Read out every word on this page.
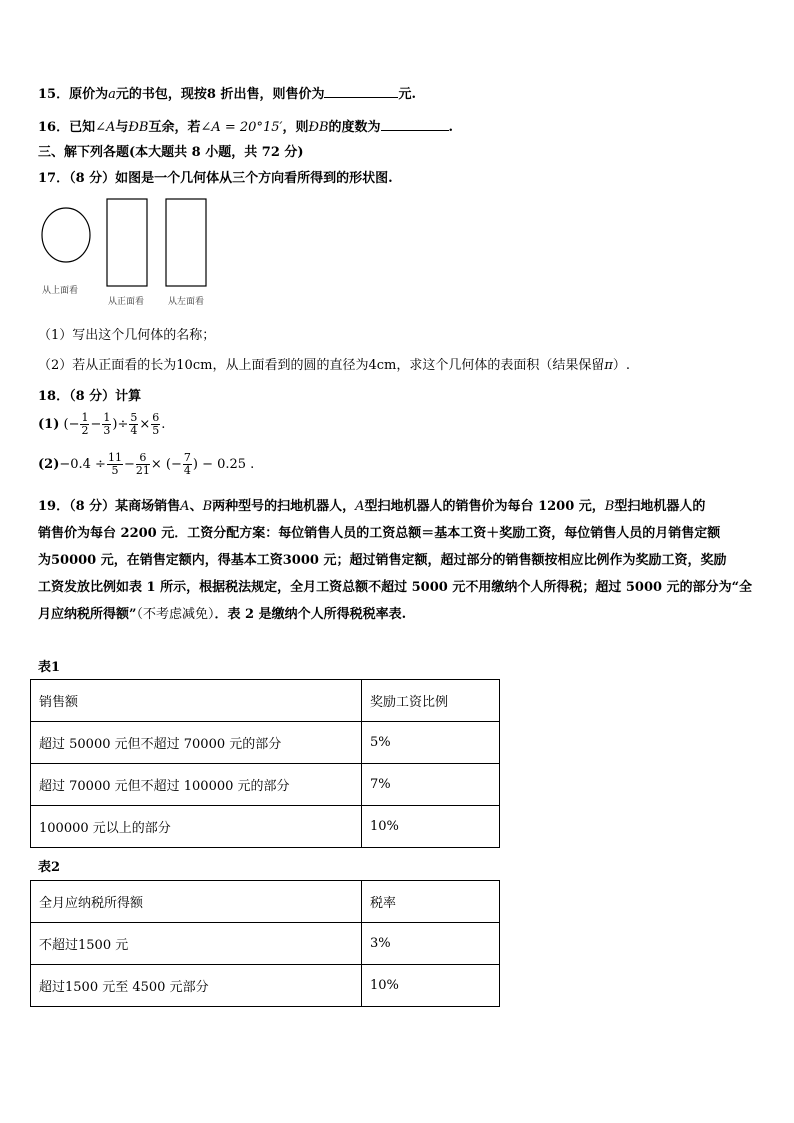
15．原价为a元的书包，现按8 折出售，则售价为	元.
16．已知∠A与ÐB互余，若∠A = 20°15′，则ÐB的度数为	.
三、解下列各题(本大题共 8 小题，共 72 分)
17．（8 分）如图是一个几何体从三个方向看所得到的形状图.
从上面看
从正面看	从左面看
（1）写出这个几何体的名称；
（2）若从正面看的长为10cm，从上面看到的圆的直径为4cm，求这个几何体的表面积（结果保留π）.
18．（8 分）计算
(1) (− $\frac{1}{2} - \frac{1}{3}$ )÷ $\frac{5}{4} \times \frac{6}{5}$ .
$(2)-0.4 \div \frac{11}{5} - \frac{6}{21}$ × (− $\frac{7}{4}$ ) − 0.25 .
19．（8 分）某商场销售A、B两种型号的扫地机器人，A型扫地机器人的销售价为每台 1200 元，B型扫地机器人的
销售价为每台 2200 元．工资分配方案：每位销售人员的工资总额＝基本工资＋奖励工资，每位销售人员的月销售定额
为50000 元，在销售定额内，得基本工资3000 元；超过销售定额，超过部分的销售额按相应比例作为奖励工资，奖励
工资发放比例如表 1 所示，根据税法规定，全月工资总额不超过 5000 元不用缴纳个人所得税；超过 5000 元的部分为“全
月应纳税所得额”（不考虑减免）．表 2 是缴纳个人所得税税率表.
表1
销售额	奖励工资比例
超过 50000 元但不超过 70000 元的部分	5%
超过 70000 元但不超过 100000 元的部分	7%
100000 元以上的部分	10%
表2
全月应纳税所得额	税率
不超过1500 元	3%
超过1500 元至 4500 元部分	10%
